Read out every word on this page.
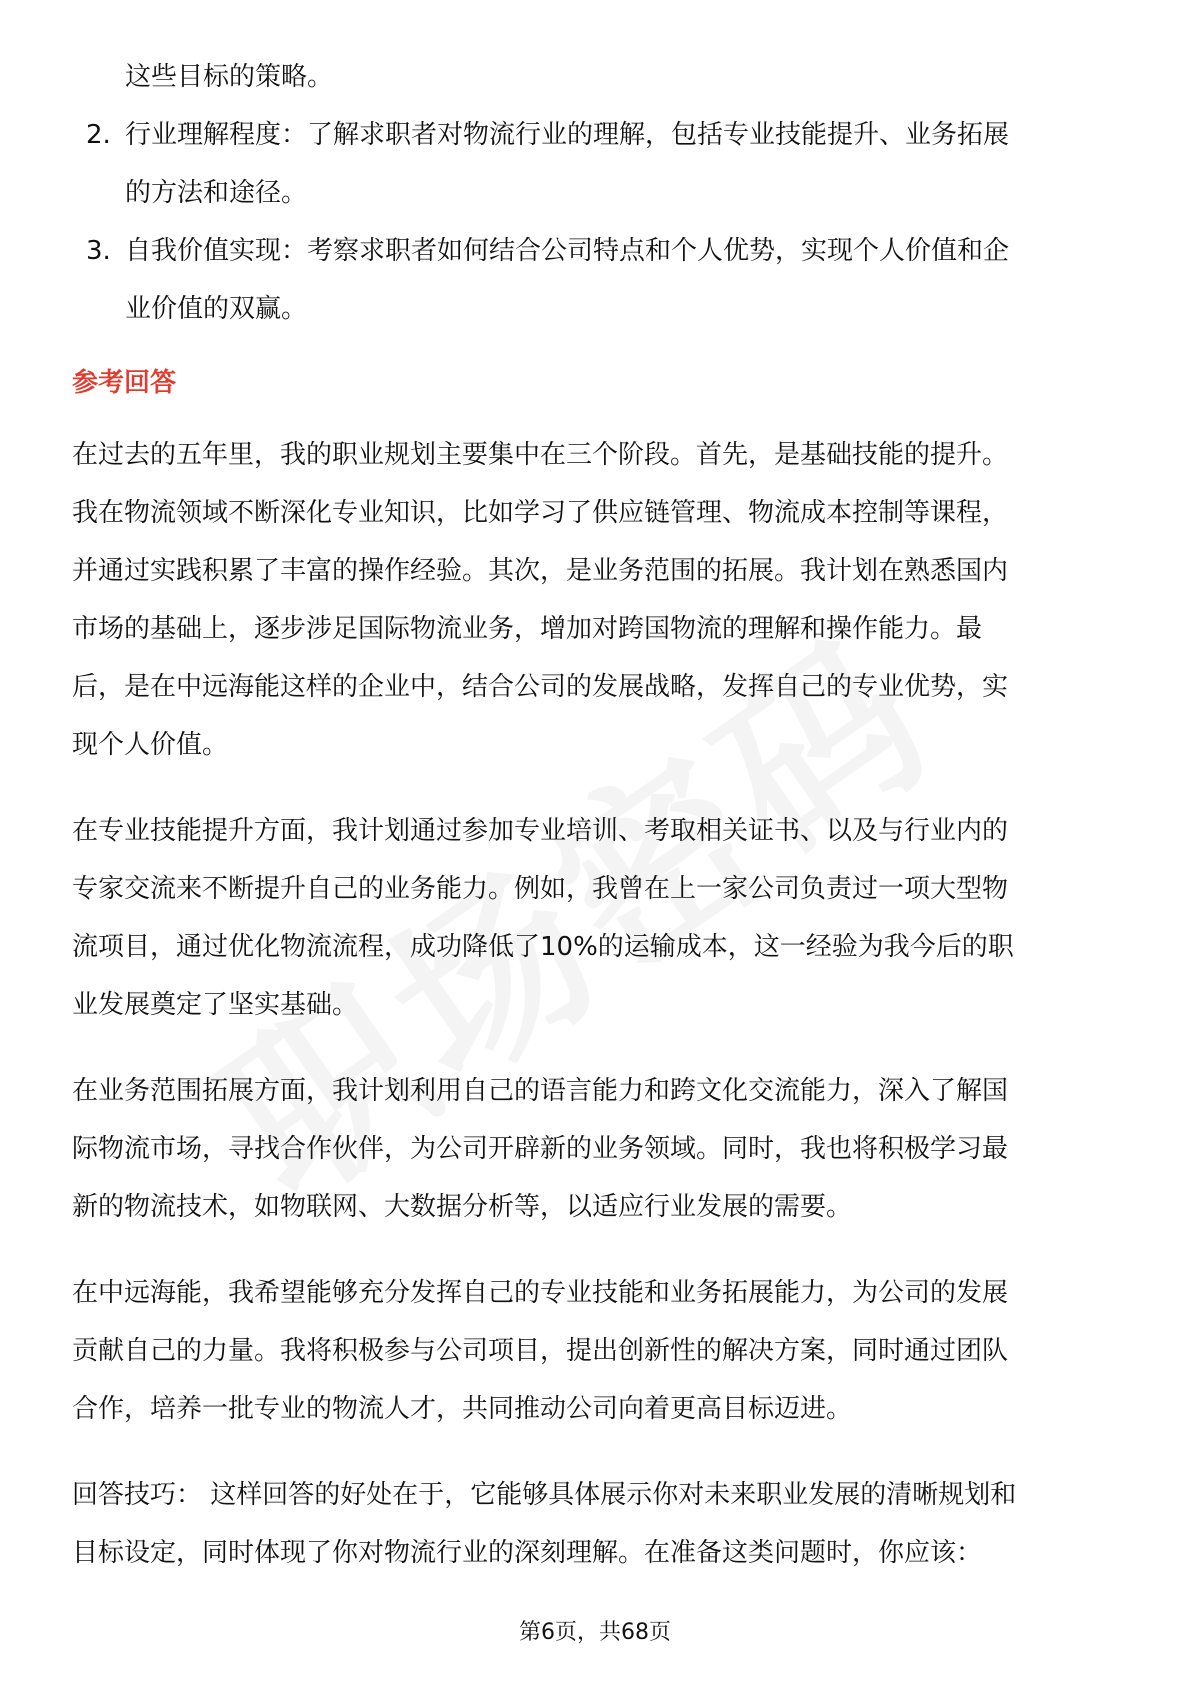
这些目标的策略。

2. 行业理解程度：了解求职者对物流行业的理解，包括专业技能提升、业务拓展

的方法和途径。

3. 自我价值实现：考察求职者如何结合公司特点和个人优势，实现个人价值和企

业价值的双赢。

参考回答

在过去的五年里，我的职业规划主要集中在三个阶段。首先，是基础技能的提升。

我在物流领域不断深化专业知识，比如学习了供应链管理、物流成本控制等课程，

并通过实践积累了丰富的操作经验。其次，是业务范围的拓展。我计划在熟悉国内

市场的基础上，逐步涉足国际物流业务，增加对跨国物流的理解和操作能力。最

后，是在中远海能这样的企业中，结合公司的发展战略，发挥自己的专业优势，实

现个人价值。

在专业技能提升方面，我计划通过参加专业培训、考取相关证书、以及与行业内的

专家交流来不断提升自己的业务能力。例如，我曾在上一家公司负责过一项大型物

流项目，通过优化物流流程，成功降低了10%的运输成本，这一经验为我今后的职

业发展奠定了坚实基础。

在业务范围拓展方面，我计划利用自己的语言能力和跨文化交流能力，深入了解国

际物流市场，寻找合作伙伴，为公司开辟新的业务领域。同时，我也将积极学习最

新的物流技术，如物联网、大数据分析等，以适应行业发展的需要。

在中远海能，我希望能够充分发挥自己的专业技能和业务拓展能力，为公司的发展

贡献自己的力量。我将积极参与公司项目，提出创新性的解决方案，同时通过团队

合作，培养一批专业的物流人才，共同推动公司向着更高目标迈进。

回答技巧： 这样回答的好处在于，它能够具体展示你对未来职业发展的清晰规划和

目标设定，同时体现了你对物流行业的深刻理解。在准备这类问题时，你应该：

第6页，共68页
